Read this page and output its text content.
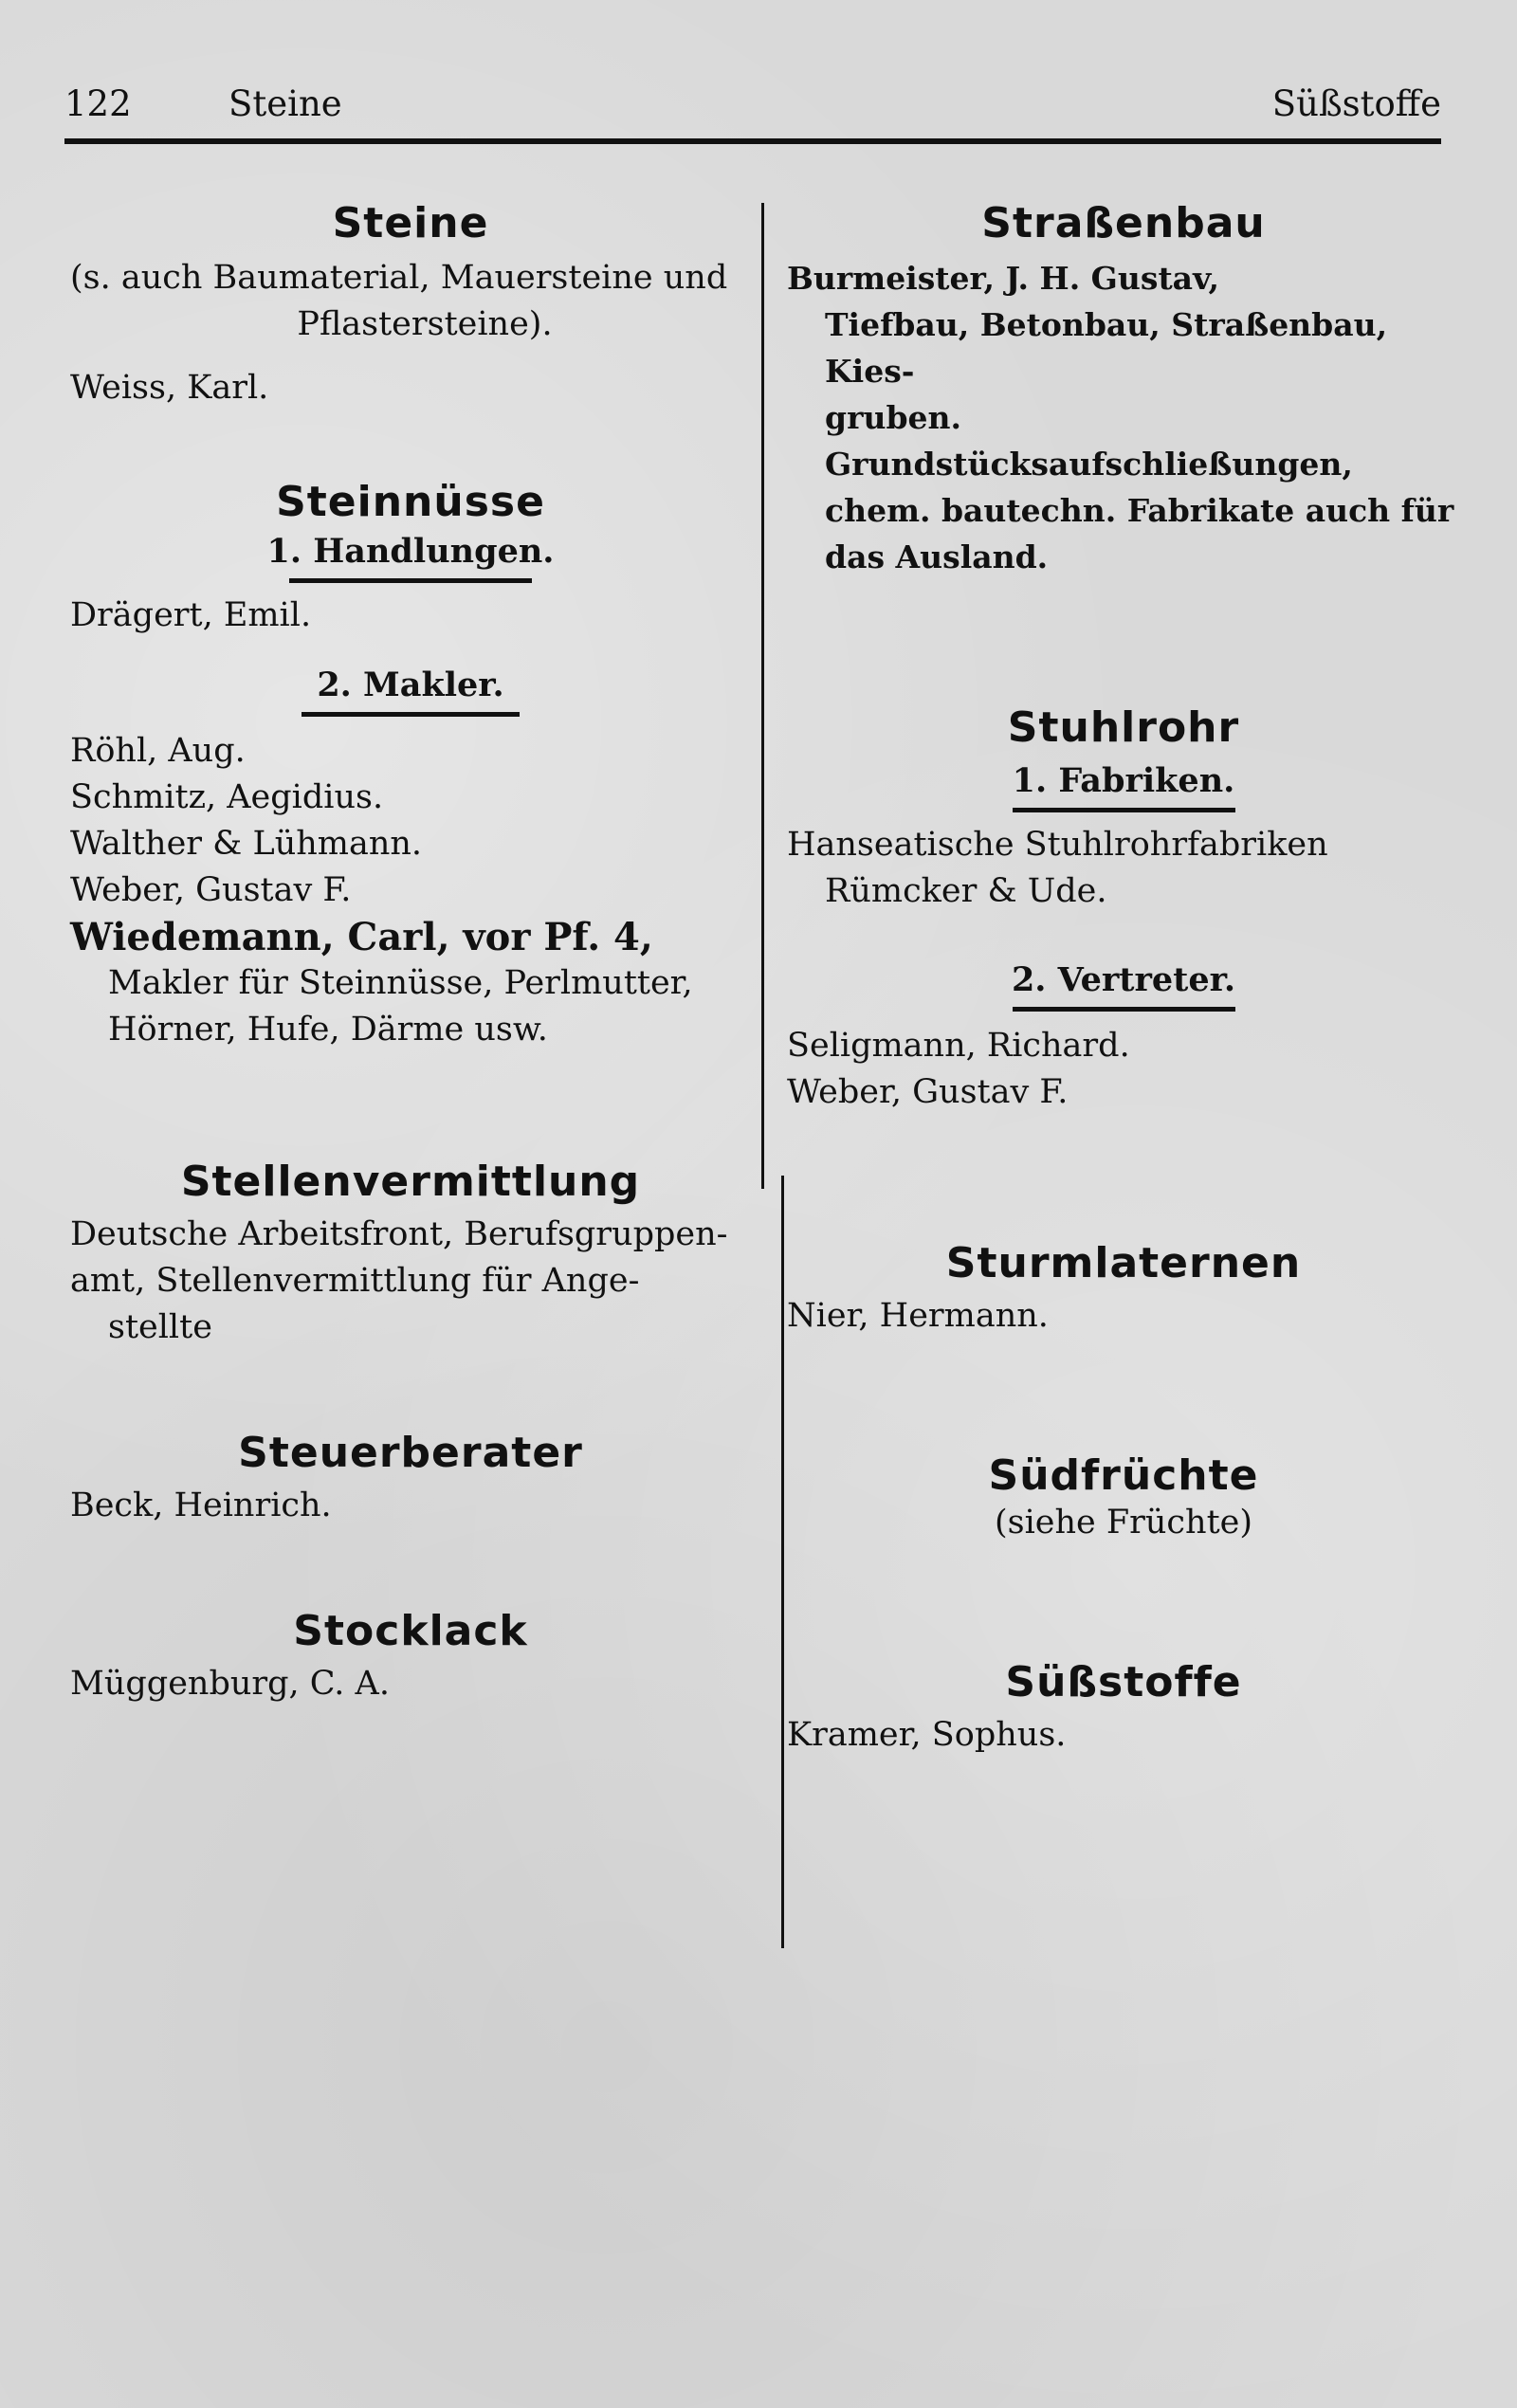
122	Steine	Süßstoffe
Steine

(s. auch Baumaterial, Mauersteine und

Pflastersteine).

Weiss, Karl.

Steinnüsse

1. Handlungen.

Drägert, Emil.

2. Makler.

Röhl, Aug.

Schmitz, Aegidius.

Walther & Lühmann.

Weber, Gustav F.

Wiedemann, Carl, vor Pf. 4,

Makler für Steinnüsse, Perlmutter,

Hörner, Hufe, Därme usw.

Stellenvermittlung

Deutsche Arbeitsfront, Berufsgruppen-

amt, Stellenvermittlung für Ange-

stellte

Steuerberater

Beck, Heinrich.

Stocklack

Müggenburg, C. A.

Straßenbau

Burmeister, J. H. Gustav,

Tiefbau, Betonbau, Straßenbau, Kies-

gruben. Grundstücksaufschließungen,

chem. bautechn. Fabrikate auch für

das Ausland.

Stuhlrohr

1. Fabriken.

Hanseatische Stuhlrohrfabriken

Rümcker & Ude.

2. Vertreter.

Seligmann, Richard.

Weber, Gustav F.

Sturmlaternen

Nier, Hermann.

Südfrüchte

(siehe Früchte)

Süßstoffe

Kramer, Sophus.
